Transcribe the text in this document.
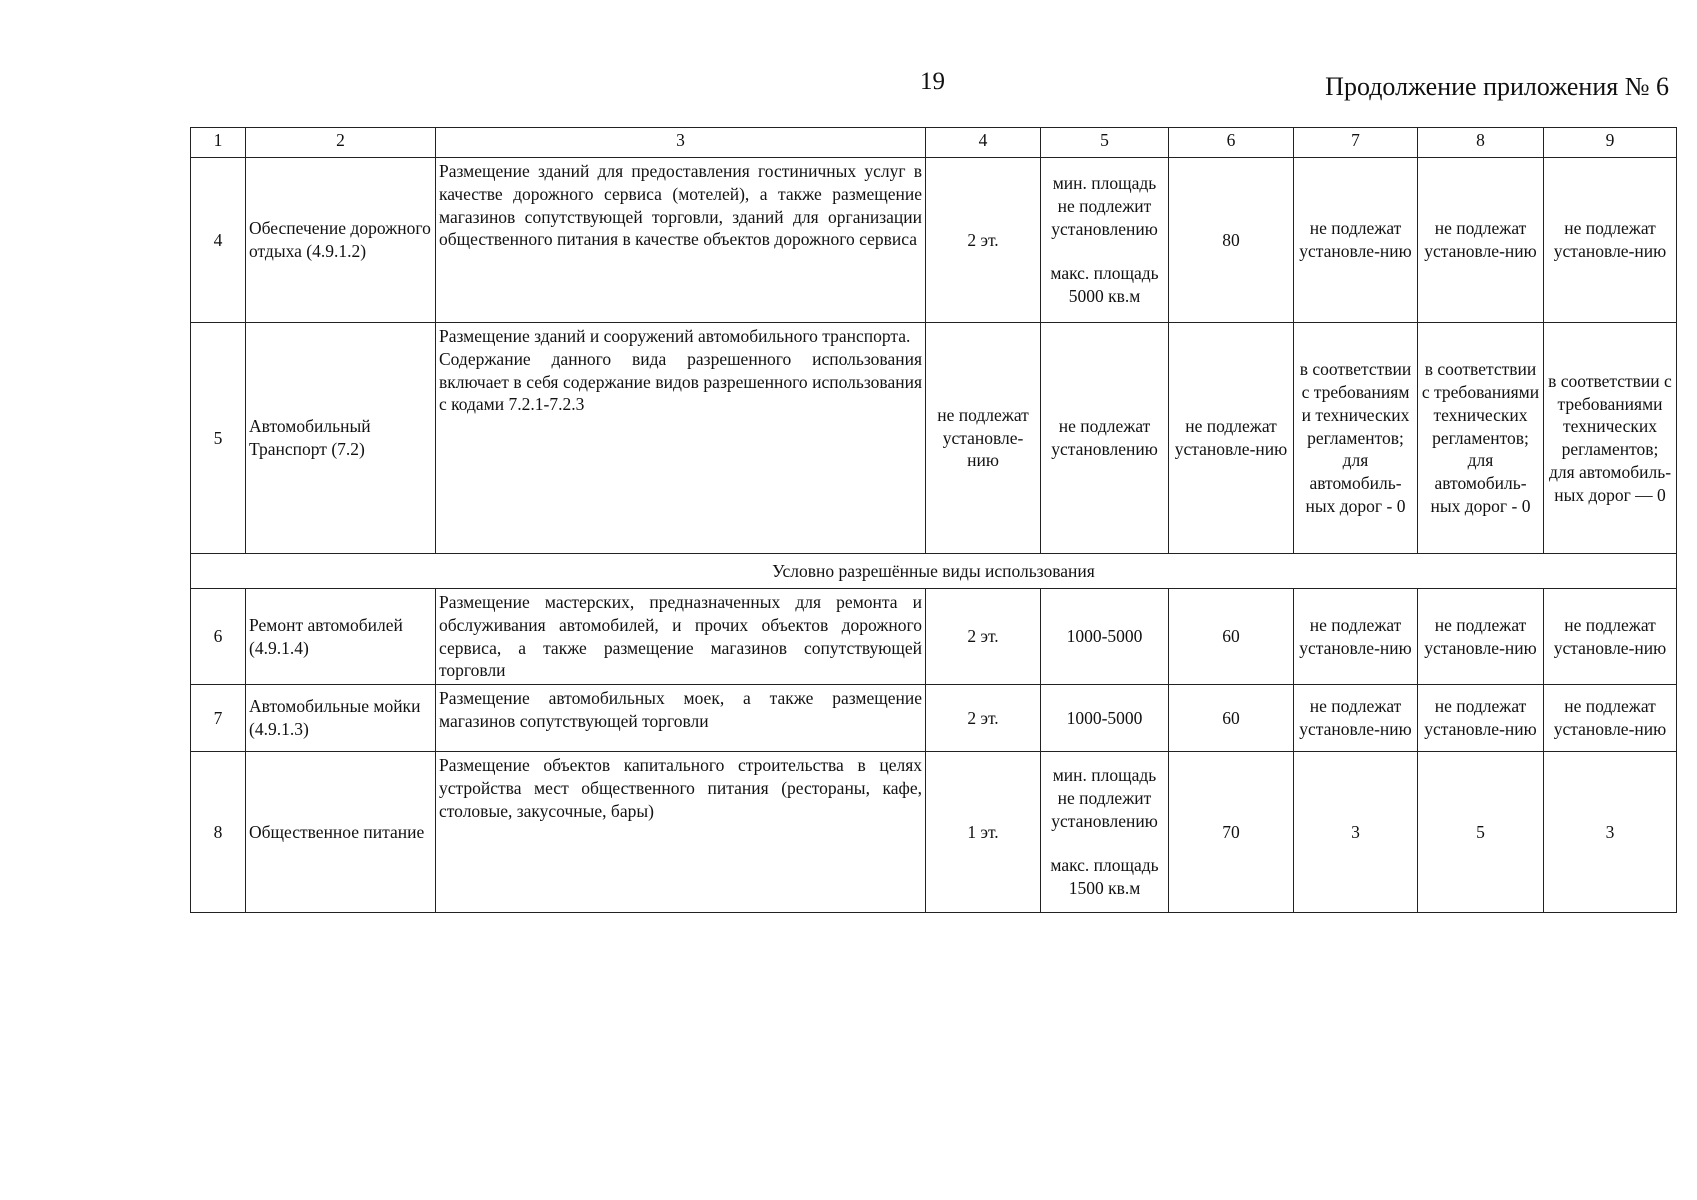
19	Продолжение приложения № 6
1	2	3	4	5	6	7	8	9
4	Обеспечение дорожного отдыха (4.9.1.2)	Размещение зданий для предоставления гостиничных услуг в качестве дорожного сервиса (мотелей), а также размещение магазинов сопутствующей торговли, зданий для организации общественного питания в качестве объектов дорожного сервиса	2 эт.	мин. площадь не подлежит установлению
макс. площадь 5000 кв.м	80	не подлежат установле-нию	не подлежат установле-нию	не подлежат установле-нию
5	Автомобильный Транспорт (7.2)	Размещение зданий и сооружений автомобильного транспорта.
Содержание данного вида разрешенного использования включает в себя содержание видов разрешенного использования с кодами 7.2.1-7.2.3	не подлежат установле-нию	не подлежат установлению	не подлежат установле-нию	в соответствии с требованиям и технических регламентов; для автомобиль-ных дорог - 0	в соответствии с требованиями технических регламентов; для автомобиль-ных дорог - 0	в соответствии с требованиями технических регламентов; для автомобиль-ных дорог — 0
Условно разрешённые виды использования								
6	Ремонт автомобилей (4.9.1.4)	Размещение мастерских, предназначенных для ремонта и обслуживания автомобилей, и прочих объектов дорожного сервиса, а также размещение магазинов сопутствующей торговли	2 эт.	1000-5000	60	не подлежат установле-нию	не подлежат установле-нию	не подлежат установле-нию
7	Автомобильные мойки (4.9.1.3)	Размещение автомобильных моек, а также размещение магазинов сопутствующей торговли	2 эт.	1000-5000	60	не подлежат установле-нию	не подлежат установле-нию	не подлежат установле-нию
8	Общественное питание	Размещение объектов капитального строительства в целях устройства мест общественного питания (рестораны, кафе, столовые, закусочные, бары)	1 эт.	мин. площадь не подлежит установлению
макс. площадь 1500 кв.м	70	3	5	3
